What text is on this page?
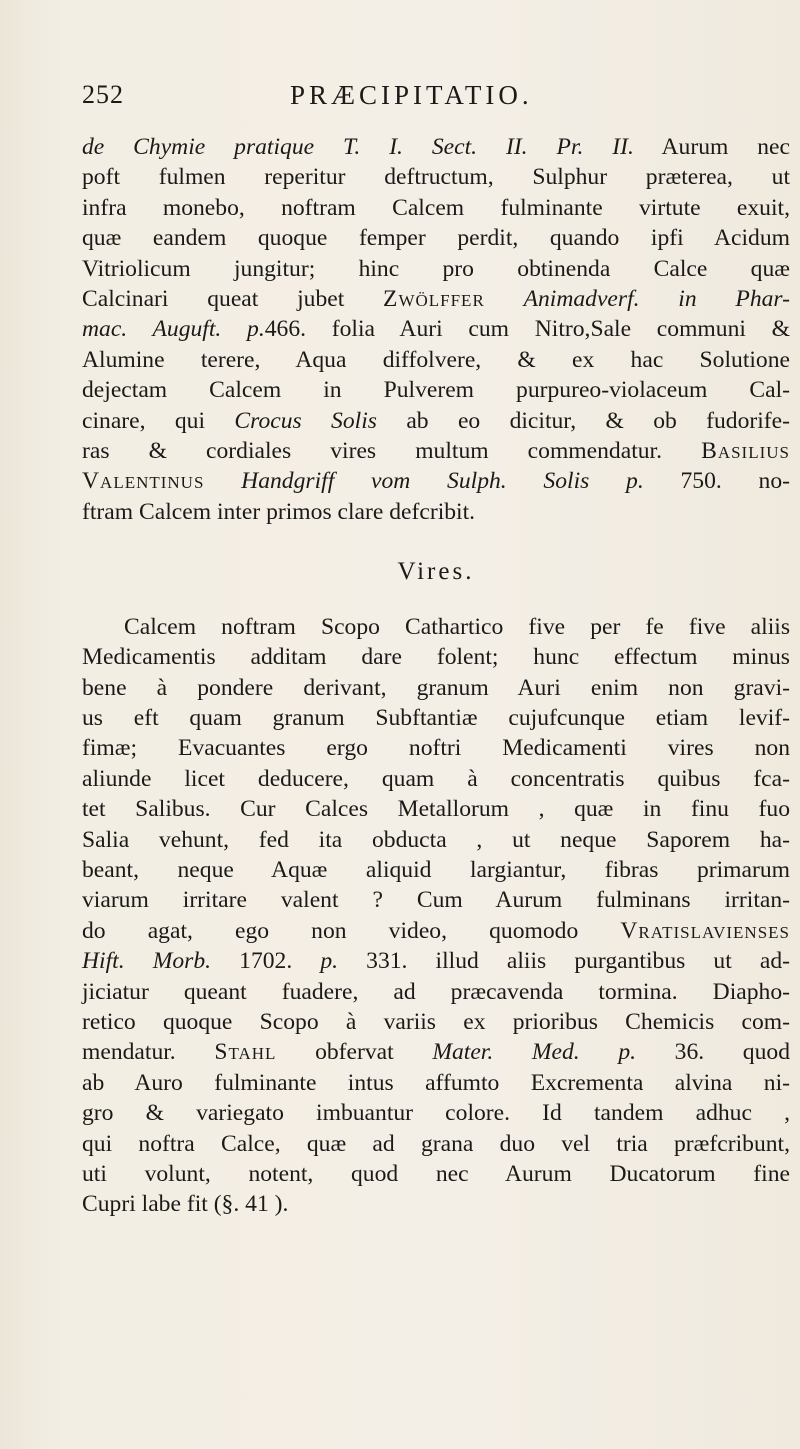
252	PRÆCIPITATIO.
de Chymie pratique T. I. Sect. II. Pr. II. Aurum nec
poft fulmen reperitur deftructum, Sulphur præterea, ut
infra monebo, noftram Calcem fulminante virtute exuit,
quæ eandem quoque femper perdit, quando ipfi Acidum
Vitriolicum jungitur; hinc pro obtinenda Calce quæ
Calcinari queat jubet Zwölffer Animadverf. in Phar-
mac. Auguft. p.466. folia Auri cum Nitro,Sale communi &
Alumine terere, Aqua diffolvere, & ex hac Solutione
dejectam Calcem in Pulverem purpureo-violaceum Cal-
cinare, qui Crocus Solis ab eo dicitur, & ob fudorife-
ras & cordiales vires multum commendatur. Basilius
Valentinus Handgriff vom Sulph. Solis p. 750. no-
ftram Calcem inter primos clare defcribit.
Vires.
Calcem noftram Scopo Cathartico five per fe five aliis
Medicamentis additam dare folent; hunc effectum minus
bene à pondere derivant, granum Auri enim non gravi-
us eft quam granum Subftantiæ cujufcunque etiam levif-
fimæ; Evacuantes ergo noftri Medicamenti vires non
aliunde licet deducere, quam à concentratis quibus fca-
tet Salibus. Cur Calces Metallorum , quæ in finu fuo
Salia vehunt, fed ita obducta , ut neque Saporem ha-
beant, neque Aquæ aliquid largiantur, fibras primarum
viarum irritare valent ? Cum Aurum fulminans irritan-
do agat, ego non video, quomodo Vratislavienses
Hift. Morb. 1702. p. 331. illud aliis purgantibus ut ad-
jiciatur queant fuadere, ad præcavenda tormina. Diapho-
retico quoque Scopo à variis ex prioribus Chemicis com-
mendatur. Stahl obfervat Mater. Med. p. 36. quod
ab Auro fulminante intus affumto Excrementa alvina ni-
gro & variegato imbuantur colore. Id tandem adhuc ,
qui noftra Calce, quæ ad grana duo vel tria præfcribunt,
uti volunt, notent, quod nec Aurum Ducatorum fine
Cupri labe fit (§. 41 ).
